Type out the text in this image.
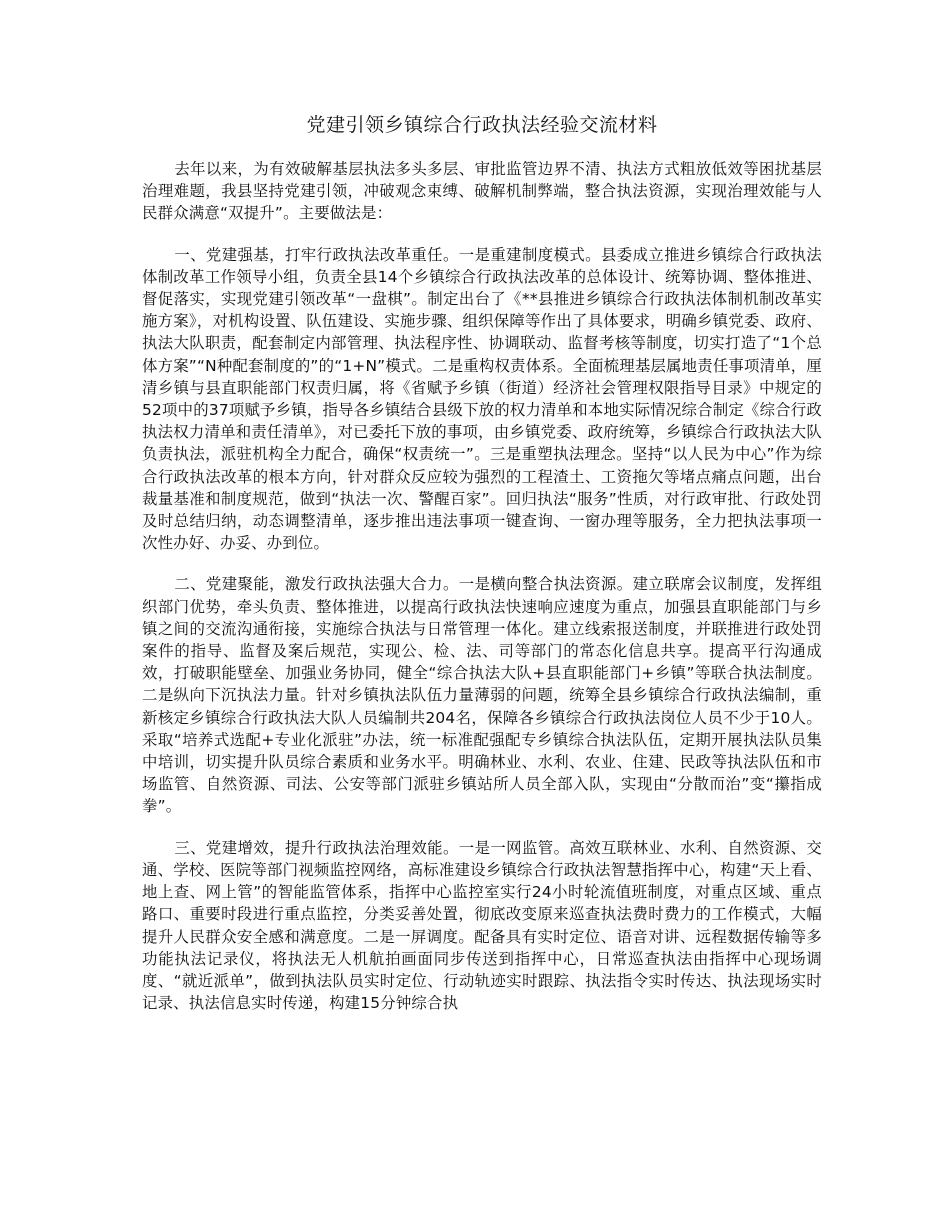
党建引领乡镇综合行政执法经验交流材料

去年以来，为有效破解基层执法多头多层、审批监管边界不清、执法方式粗放低效等困扰基层治理难题，我县坚持党建引领，冲破观念束缚、破解机制弊端，整合执法资源，实现治理效能与人民群众满意“双提升”。主要做法是：

一、党建强基，打牢行政执法改革重任。一是重建制度模式。县委成立推进乡镇综合行政执法体制改革工作领导小组，负责全县14个乡镇综合行政执法改革的总体设计、统筹协调、整体推进、督促落实，实现党建引领改革“一盘棋”。制定出台了《**县推进乡镇综合行政执法体制机制改革实施方案》，对机构设置、队伍建设、实施步骤、组织保障等作出了具体要求，明确乡镇党委、政府、执法大队职责，配套制定内部管理、执法程序性、协调联动、监督考核等制度，切实打造了“1个总体方案”“N种配套制度的”的“1+N”模式。二是重构权责体系。全面梳理基层属地责任事项清单，厘清乡镇与县直职能部门权责归属，将《省赋予乡镇（街道）经济社会管理权限指导目录》中规定的52项中的37项赋予乡镇，指导各乡镇结合县级下放的权力清单和本地实际情况综合制定《综合行政执法权力清单和责任清单》，对已委托下放的事项，由乡镇党委、政府统筹，乡镇综合行政执法大队负责执法，派驻机构全力配合，确保“权责统一”。三是重塑执法理念。坚持“以人民为中心”作为综合行政执法改革的根本方向，针对群众反应较为强烈的工程渣土、工资拖欠等堵点痛点问题，出台裁量基准和制度规范，做到“执法一次、警醒百家”。回归执法“服务”性质，对行政审批、行政处罚及时总结归纳，动态调整清单，逐步推出违法事项一键查询、一窗办理等服务，全力把执法事项一次性办好、办妥、办到位。

二、党建聚能，激发行政执法强大合力。一是横向整合执法资源。建立联席会议制度，发挥组织部门优势，牵头负责、整体推进，以提高行政执法快速响应速度为重点，加强县直职能部门与乡镇之间的交流沟通衔接，实施综合执法与日常管理一体化。建立线索报送制度，并联推进行政处罚案件的指导、监督及案后规范，实现公、检、法、司等部门的常态化信息共享。提高平行沟通成效，打破职能壁垒、加强业务协同，健全“综合执法大队+县直职能部门+乡镇”等联合执法制度。二是纵向下沉执法力量。针对乡镇执法队伍力量薄弱的问题，统筹全县乡镇综合行政执法编制，重新核定乡镇综合行政执法大队人员编制共204名，保障各乡镇综合行政执法岗位人员不少于10人。采取“培养式选配+专业化派驻”办法，统一标准配强配专乡镇综合执法队伍，定期开展执法队员集中培训，切实提升队员综合素质和业务水平。明确林业、水利、农业、住建、民政等执法队伍和市场监管、自然资源、司法、公安等部门派驻乡镇站所人员全部入队，实现由“分散而治”变“攥指成拳”。

三、党建增效，提升行政执法治理效能。一是一网监管。高效互联林业、水利、自然资源、交通、学校、医院等部门视频监控网络，高标准建设乡镇综合行政执法智慧指挥中心，构建“天上看、地上查、网上管”的智能监管体系，指挥中心监控室实行24小时轮流值班制度，对重点区域、重点路口、重要时段进行重点监控，分类妥善处置，彻底改变原来巡查执法费时费力的工作模式，大幅提升人民群众安全感和满意度。二是一屏调度。配备具有实时定位、语音对讲、远程数据传输等多功能执法记录仪，将执法无人机航拍画面同步传送到指挥中心，日常巡查执法由指挥中心现场调度、“就近派单”，做到执法队员实时定位、行动轨迹实时跟踪、执法指令实时传达、执法现场实时记录、执法信息实时传递，构建15分钟综合执
